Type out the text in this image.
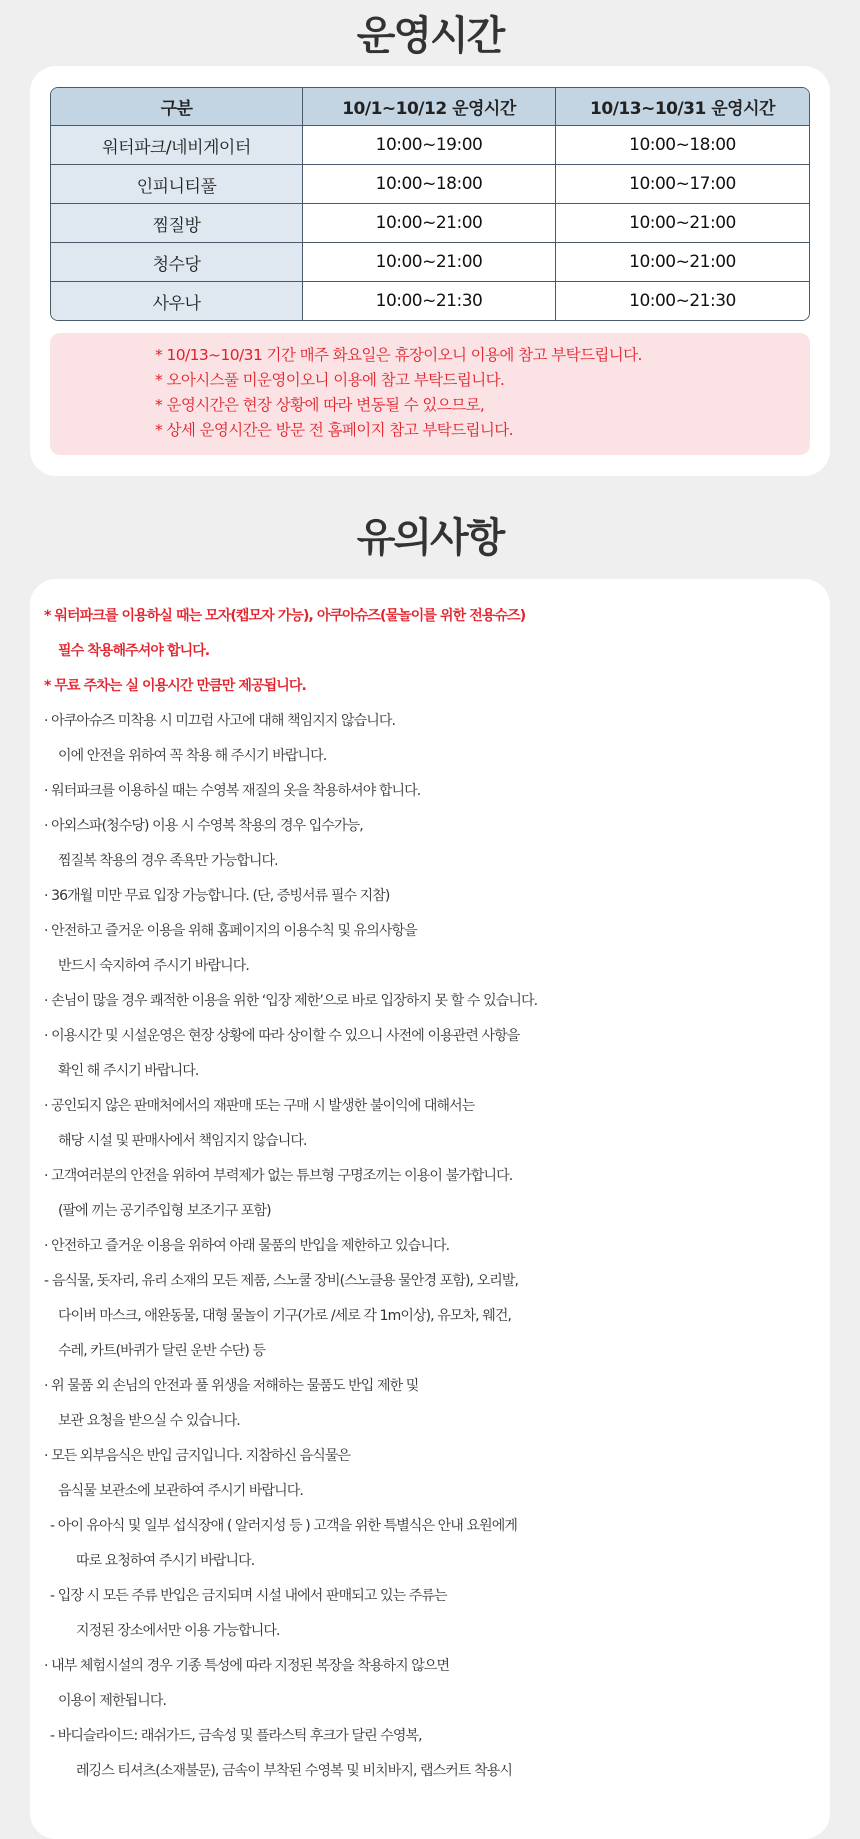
운영시간
구분	10/1~10/12 운영시간	10/13~10/31 운영시간
워터파크/네비게이터	10:00~19:00	10:00~18:00
인피니티풀	10:00~18:00	10:00~17:00
찜질방	10:00~21:00	10:00~21:00
청수당	10:00~21:00	10:00~21:00
사우나	10:00~21:30	10:00~21:30
* 10/13~10/31 기간 매주 화요일은 휴장이오니 이용에 참고 부탁드립니다.
* 오아시스풀 미운영이오니 이용에 참고 부탁드립니다.
* 운영시간은 현장 상황에 따라 변동될 수 있으므로,
* 상세 운영시간은 방문 전 홈페이지 참고 부탁드립니다.
유의사항
* 워터파크를 이용하실 때는 모자(캡모자 가능), 아쿠아슈즈(물놀이를 위한 전용슈즈)
필수 착용해주셔야 합니다.
* 무료 주차는 실 이용시간 만큼만 제공됩니다.
· 아쿠아슈즈 미착용 시 미끄럼 사고에 대해 책임지지 않습니다.
이에 안전을 위하여 꼭 착용 해 주시기 바랍니다.
· 워터파크를 이용하실 때는 수영복 재질의 옷을 착용하셔야 합니다.
· 아외스파(청수당) 이용 시 수영복 착용의 경우 입수가능,
찜질복 착용의 경우 족욕만 가능합니다.
· 36개월 미만 무료 입장 가능합니다. (단, 증빙서류 필수 지참)
· 안전하고 즐거운 이용을 위해 홈페이지의 이용수칙 및 유의사항을
반드시 숙지하여 주시기 바랍니다.
· 손님이 많을 경우 쾌적한 이용을 위한 ‘입장 제한’으로 바로 입장하지 못 할 수 있습니다.
· 이용시간 및 시설운영은 현장 상황에 따라 상이할 수 있으니 사전에 이용관련 사항을
확인 해 주시기 바랍니다.
· 공인되지 않은 판매처에서의 재판매 또는 구매 시 발생한 불이익에 대해서는
해당 시설 및 판매사에서 책임지지 않습니다.
· 고객여러분의 안전을 위하여 부력제가 없는 튜브형 구명조끼는 이용이 불가합니다.
(팔에 끼는 공기주입형 보조기구 포함)
· 안전하고 즐거운 이용을 위하여 아래 물품의 반입을 제한하고 있습니다.
- 음식물, 돗자리, 유리 소재의 모든 제품, 스노쿨 장비(스노클용 물안경 포함), 오리발,
다이버 마스크, 애완동물, 대형 물놀이 기구(가로 /세로 각 1m이상), 유모차, 웨건,
수레, 카트(바퀴가 달린 운반 수단) 등
· 위 물품 외 손님의 안전과 풀 위생을 저해하는 물품도 반입 제한 및
보관 요청을 받으실 수 있습니다.
· 모든 외부음식은 반입 금지입니다. 지참하신 음식물은
음식물 보관소에 보관하여 주시기 바랍니다.
- 아이 유아식 및 일부 섭식장애 ( 알러지성 등 ) 고객을 위한 특별식은 안내 요원에게
따로 요청하여 주시기 바랍니다.
- 입장 시 모든 주류 반입은 금지되며 시설 내에서 판매되고 있는 주류는
지정된 장소에서만 이용 가능합니다.
· 내부 체험시설의 경우 기종 특성에 따라 지정된 복장을 착용하지 않으면
이용이 제한됩니다.
- 바디슬라이드: 래쉬가드, 금속성 및 플라스틱 후크가 달린 수영복,
레깅스 티셔츠(소재불문), 금속이 부착된 수영복 및 비치바지, 랩스커트 착용시
